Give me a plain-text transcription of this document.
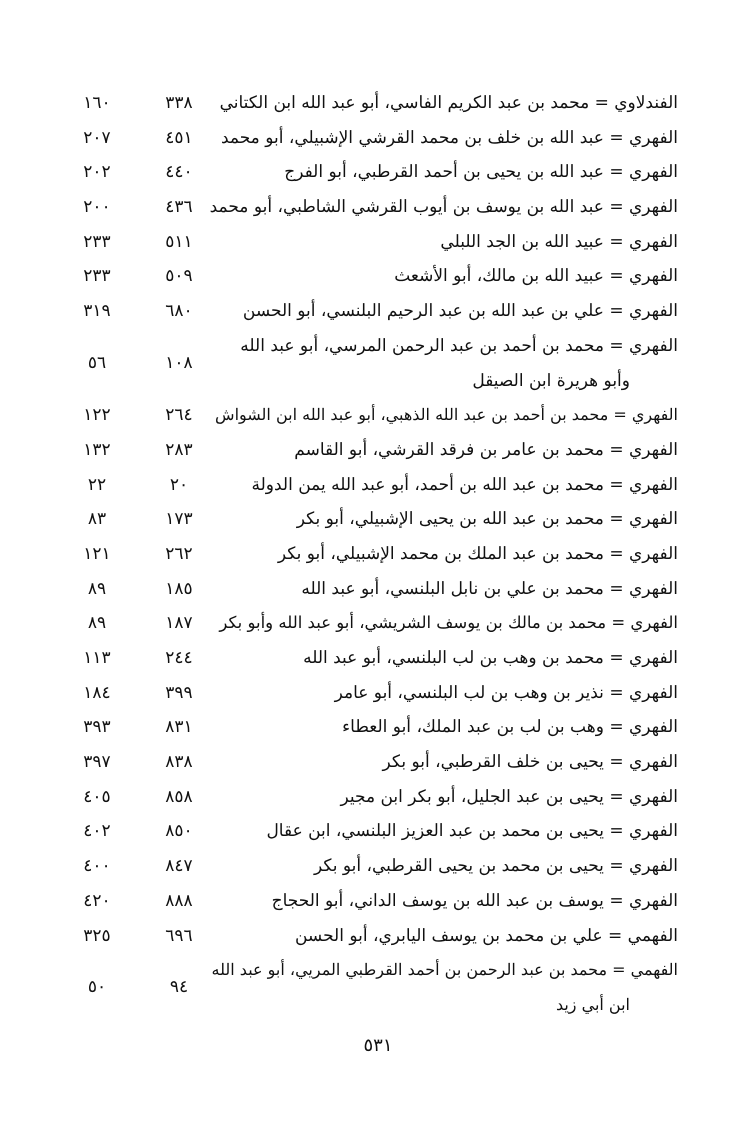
الفندلاوي = محمد بن عبد الكريم الفاسي، أبو عبد الله ابن الكتاني
٣٣٨
١٦٠
الفهري = عبد الله بن خلف بن محمد القرشي الإشبيلي، أبو محمد
٤٥١
٢٠٧
الفهري = عبد الله بن يحيى بن أحمد القرطبي، أبو الفرج
٤٤٠
٢٠٢
الفهري = عبد الله بن يوسف بن أيوب القرشي الشاطبي، أبو محمد
٤٣٦
٢٠٠
الفهري = عبيد الله بن الجد اللبلي
٥١١
٢٣٣
الفهري = عبيد الله بن مالك، أبو الأشعث
٥٠٩
٢٣٣
الفهري = علي بن عبد الله بن عبد الرحيم البلنسي، أبو الحسن
٦٨٠
٣١٩
الفهري = محمد بن أحمد بن عبد الرحمن المرسي، أبو عبد الله
وأبو هريرة ابن الصيقل
١٠٨
٥٦
الفهري = محمد بن أحمد بن عبد الله الذهبي، أبو عبد الله ابن الشواش
٢٦٤
١٢٢
الفهري = محمد بن عامر بن فرقد القرشي، أبو القاسم
٢٨٣
١٣٢
الفهري = محمد بن عبد الله بن أحمد، أبو عبد الله يمن الدولة
٢٠
٢٢
الفهري = محمد بن عبد الله بن يحيى الإشبيلي، أبو بكر
١٧٣
٨٣
الفهري = محمد بن عبد الملك بن محمد الإشبيلي، أبو بكر
٢٦٢
١٢١
الفهري = محمد بن علي بن نابل البلنسي، أبو عبد الله
١٨٥
٨٩
الفهري = محمد بن مالك بن يوسف الشريشي، أبو عبد الله وأبو بكر
١٨٧
٨٩
الفهري = محمد بن وهب بن لب البلنسي، أبو عبد الله
٢٤٤
١١٣
الفهري = نذير بن وهب بن لب البلنسي، أبو عامر
٣٩٩
١٨٤
الفهري = وهب بن لب بن عبد الملك، أبو العطاء
٨٣١
٣٩٣
الفهري = يحيى بن خلف القرطبي، أبو بكر
٨٣٨
٣٩٧
الفهري = يحيى بن عبد الجليل، أبو بكر ابن مجير
٨٥٨
٤٠٥
الفهري = يحيى بن محمد بن عبد العزيز البلنسي، ابن عقال
٨٥٠
٤٠٢
الفهري = يحيى بن محمد بن يحيى القرطبي، أبو بكر
٨٤٧
٤٠٠
الفهري = يوسف بن عبد الله بن يوسف الداني، أبو الحجاج
٨٨٨
٤٢٠
الفهمي = علي بن محمد بن يوسف اليابري، أبو الحسن
٦٩٦
٣٢٥
الفهمي = محمد بن عبد الرحمن بن أحمد القرطبي المريي، أبو عبد الله
ابن أبي زيد
٩٤
٥٠
٥٣١
